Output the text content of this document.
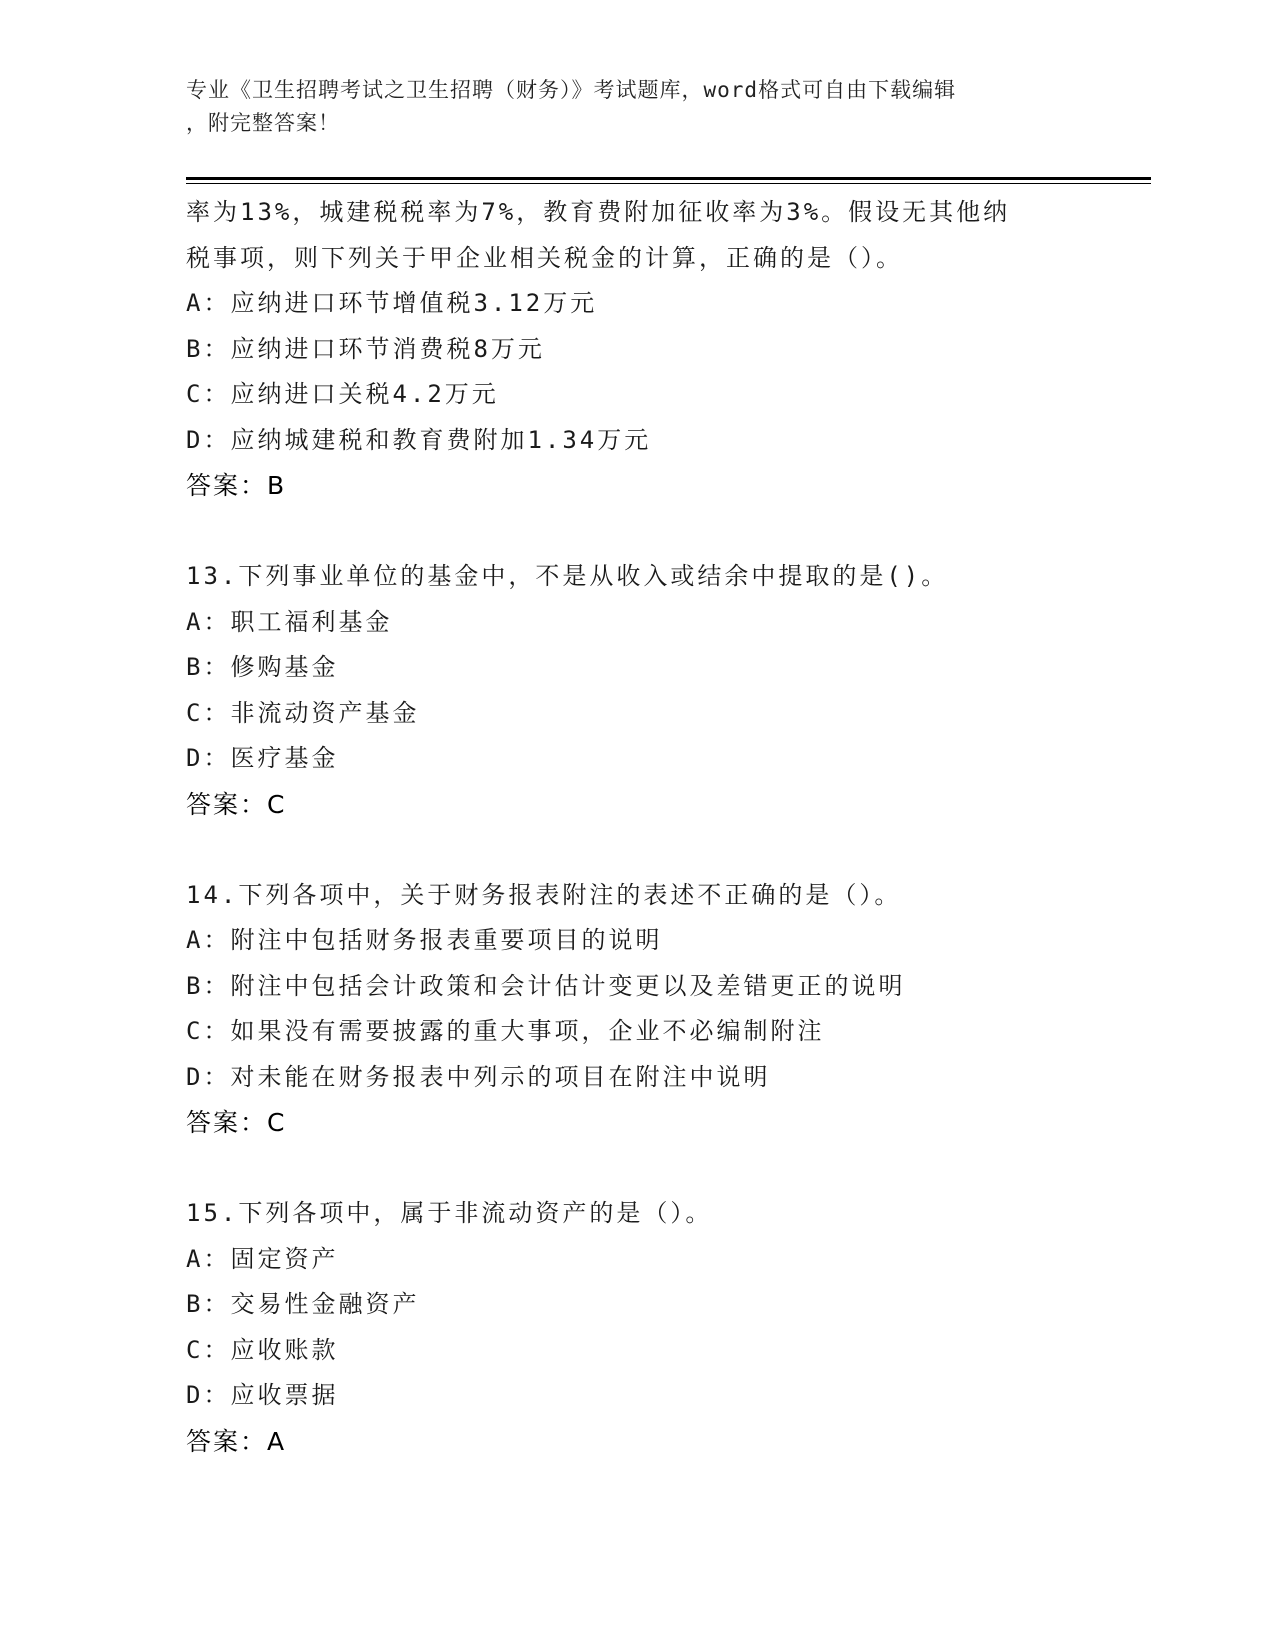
专业《卫生招聘考试之卫生招聘（财务）》考试题库，word格式可自由下载编辑
，附完整答案！
率为13%，城建税税率为7%，教育费附加征收率为3%。假设无其他纳
税事项，则下列关于甲企业相关税金的计算，正确的是（）。
A：应纳进口环节增值税3.12万元
B：应纳进口环节消费税8万元
C：应纳进口关税4.2万元
D：应纳城建税和教育费附加1.34万元
答案：B
13.下列事业单位的基金中，不是从收入或结余中提取的是()。
A：职工福利基金
B：修购基金
C：非流动资产基金
D：医疗基金
答案：C
14.下列各项中，关于财务报表附注的表述不正确的是（）。
A：附注中包括财务报表重要项目的说明
B：附注中包括会计政策和会计估计变更以及差错更正的说明
C：如果没有需要披露的重大事项，企业不必编制附注
D：对未能在财务报表中列示的项目在附注中说明
答案：C
15.下列各项中，属于非流动资产的是（）。
A：固定资产
B：交易性金融资产
C：应收账款
D：应收票据
答案：A
